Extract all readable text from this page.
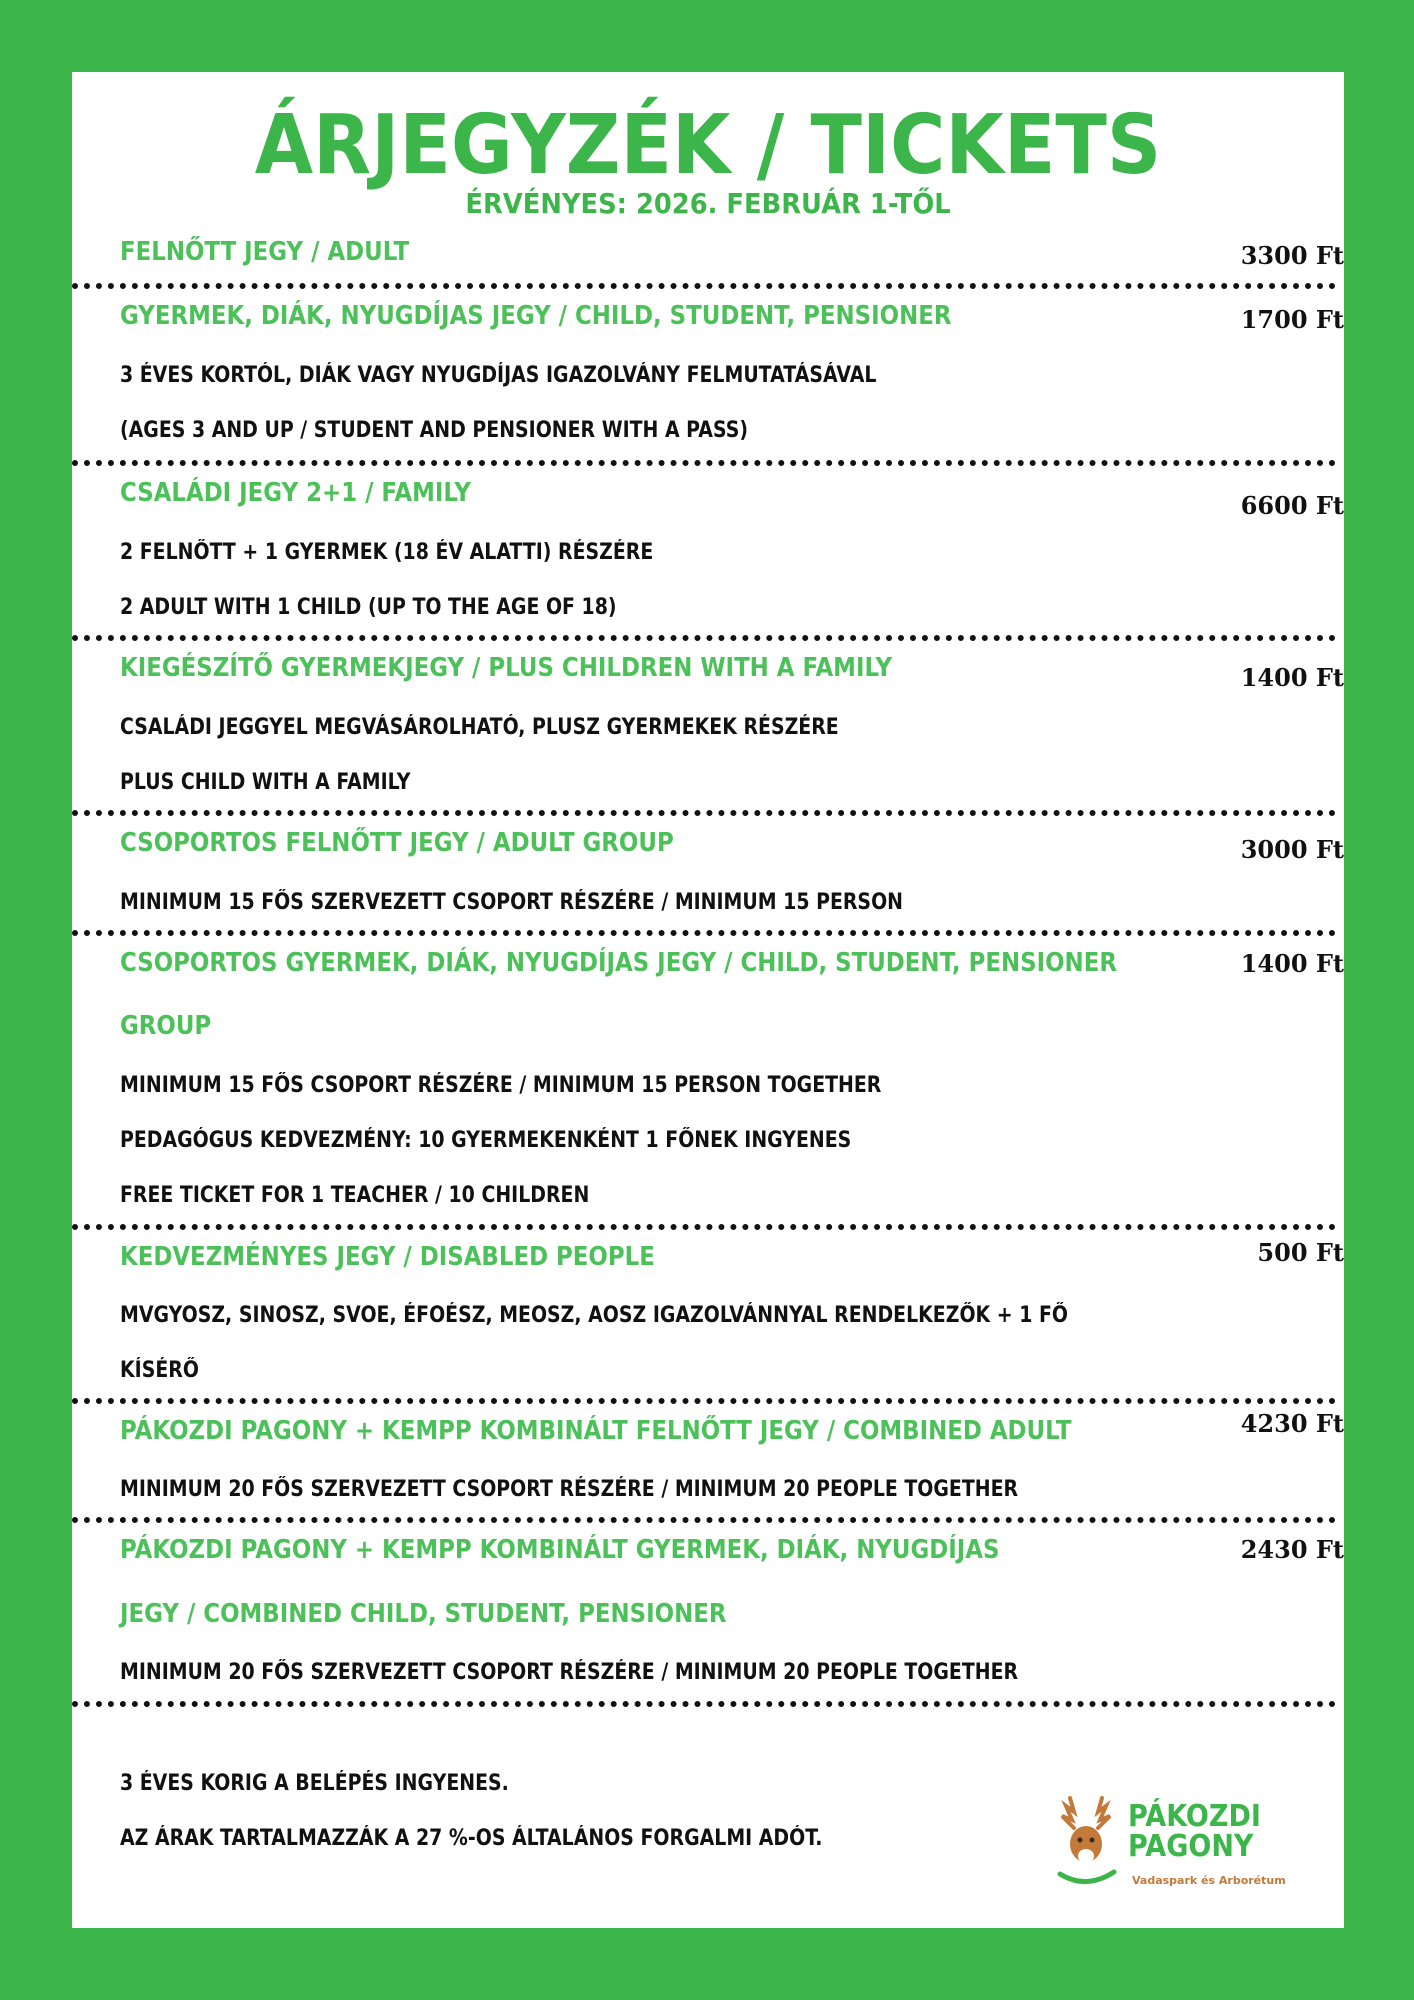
ÁRJEGYZÉK / TICKETS
ÉRVÉNYES: 2026. FEBRUÁR 1-TŐL
FELNŐTT JEGY / ADULT	3300 Ft
GYERMEK, DIÁK, NYUGDÍJAS JEGY / CHILD, STUDENT, PENSIONER	1700 Ft
3 ÉVES KORTÓL, DIÁK VAGY NYUGDÍJAS IGAZOLVÁNY FELMUTATÁSÁVAL
(AGES 3 AND UP / STUDENT AND PENSIONER WITH A PASS)
CSALÁDI JEGY 2+1 / FAMILY	6600 Ft
2 FELNŐTT + 1 GYERMEK (18 ÉV ALATTI) RÉSZÉRE
2 ADULT WITH 1 CHILD (UP TO THE AGE OF 18)
KIEGÉSZÍTŐ GYERMEKJEGY / PLUS CHILDREN WITH A FAMILY	1400 Ft
CSALÁDI JEGGYEL MEGVÁSÁROLHATÓ, PLUSZ GYERMEKEK RÉSZÉRE
PLUS CHILD WITH A FAMILY
CSOPORTOS FELNŐTT JEGY / ADULT GROUP	3000 Ft
MINIMUM 15 FŐS SZERVEZETT CSOPORT RÉSZÉRE / MINIMUM 15 PERSON
CSOPORTOS GYERMEK, DIÁK, NYUGDÍJAS JEGY / CHILD, STUDENT, PENSIONER	1400 Ft
GROUP
MINIMUM 15 FŐS CSOPORT RÉSZÉRE / MINIMUM 15 PERSON TOGETHER
PEDAGÓGUS KEDVEZMÉNY: 10 GYERMEKENKÉNT 1 FŐNEK INGYENES
FREE TICKET FOR 1 TEACHER / 10 CHILDREN
KEDVEZMÉNYES JEGY / DISABLED PEOPLE	500 Ft
MVGYOSZ, SINOSZ, SVOE, ÉFOÉSZ, MEOSZ, AOSZ IGAZOLVÁNNYAL RENDELKEZŐK + 1 FŐ
KÍSÉRŐ
PÁKOZDI PAGONY + KEMPP KOMBINÁLT FELNŐTT JEGY / COMBINED ADULT	4230 Ft
MINIMUM 20 FŐS SZERVEZETT CSOPORT RÉSZÉRE / MINIMUM 20 PEOPLE TOGETHER
PÁKOZDI PAGONY + KEMPP KOMBINÁLT GYERMEK, DIÁK, NYUGDÍJAS	2430 Ft
JEGY / COMBINED CHILD, STUDENT, PENSIONER
MINIMUM 20 FŐS SZERVEZETT CSOPORT RÉSZÉRE / MINIMUM 20 PEOPLE TOGETHER
3 ÉVES KORIG A BELÉPÉS INGYENES.
AZ ÁRAK TARTALMAZZÁK A 27 %-OS ÁLTALÁNOS FORGALMI ADÓT.
PÁKOZDI
PAGONY
Vadaspark és Arborétum
